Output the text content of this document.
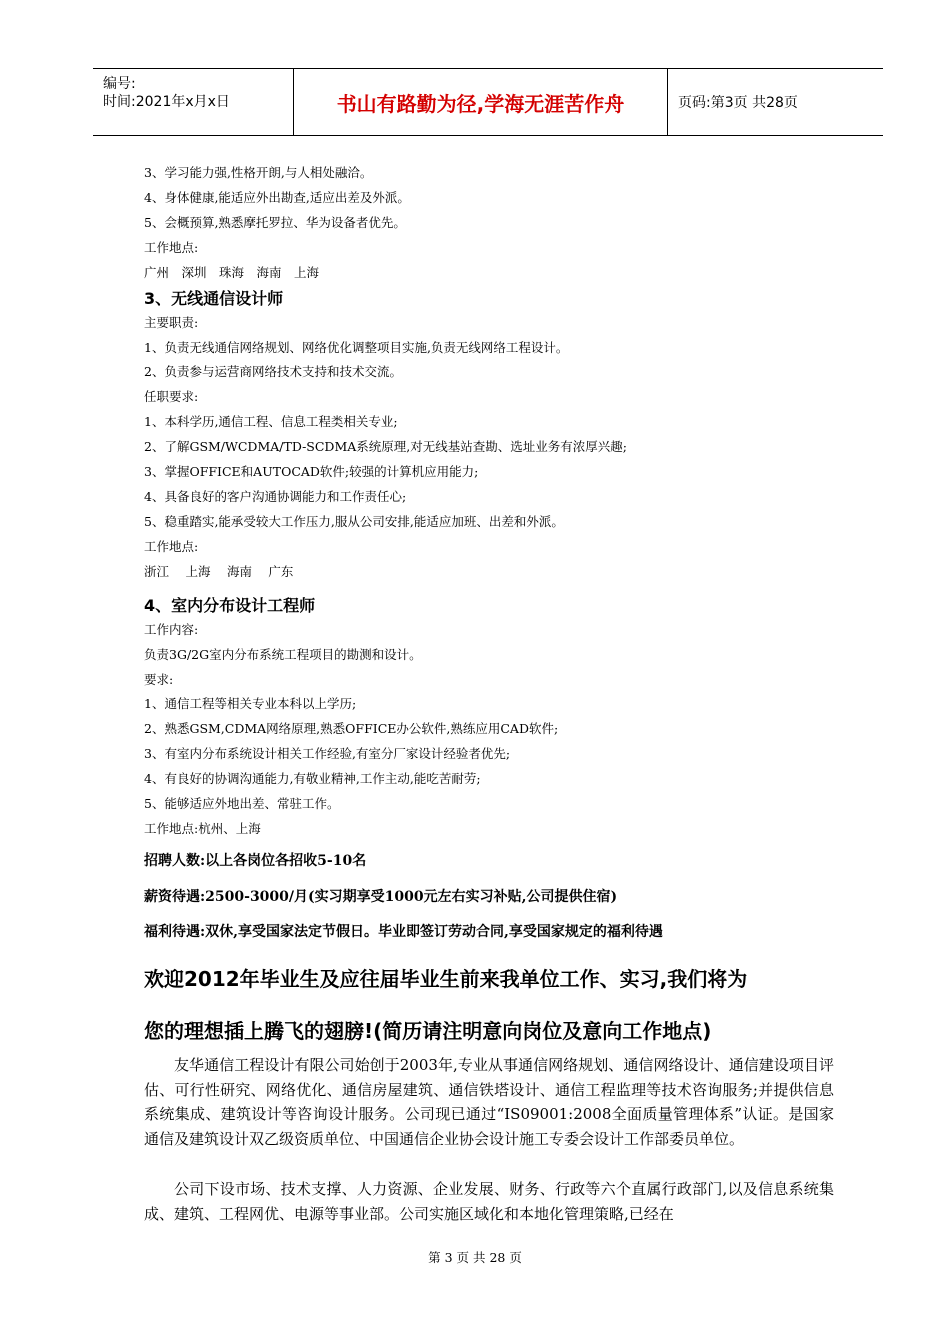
编号:
时间:2021年x月x日	书山有路勤为径,学海无涯苦作舟	页码:第3页 共28页
3、学习能力强,性格开朗,与人相处融洽。
4、身体健康,能适应外出勘查,适应出差及外派。
5、会概预算,熟悉摩托罗拉、华为设备者优先。
工作地点:
广州　深圳　珠海　海南　上海
3、无线通信设计师
主要职责:
1、负责无线通信网络规划、网络优化调整项目实施,负责无线网络工程设计。
2、负责参与运营商网络技术支持和技术交流。
任职要求:
1、本科学历,通信工程、信息工程类相关专业;
2、了解GSM/WCDMA/TD-SCDMA系统原理,对无线基站查勘、选址业务有浓厚兴趣;
3、掌握OFFICE和AUTOCAD软件;较强的计算机应用能力;
4、具备良好的客户沟通协调能力和工作责任心;
5、稳重踏实,能承受较大工作压力,服从公司安排,能适应加班、出差和外派。
工作地点:
浙江　 上海　 海南　 广东
4、室内分布设计工程师
工作内容:
负责3G/2G室内分布系统工程项目的勘测和设计。
要求:
1、通信工程等相关专业本科以上学历;
2、熟悉GSM,CDMA网络原理,熟悉OFFICE办公软件,熟练应用CAD软件;
3、有室内分布系统设计相关工作经验,有室分厂家设计经验者优先;
4、有良好的协调沟通能力,有敬业精神,工作主动,能吃苦耐劳;
5、能够适应外地出差、常驻工作。
工作地点:杭州、上海
招聘人数:以上各岗位各招收5-10名
薪资待遇:2500-3000/月(实习期享受1000元左右实习补贴,公司提供住宿)
福利待遇:双休,享受国家法定节假日。毕业即签订劳动合同,享受国家规定的福利待遇
欢迎2012年毕业生及应往届毕业生前来我单位工作、实习,我们将为
您的理想插上腾飞的翅膀!(简历请注明意向岗位及意向工作地点)
友华通信工程设计有限公司始创于2003年,专业从事通信网络规划、通信网络设计、通信建设项目评估、可行性研究、网络优化、通信房屋建筑、通信铁塔设计、通信工程监理等技术咨询服务;并提供信息系统集成、建筑设计等咨询设计服务。公司现已通过“IS09001:2008全面质量管理体系”认证。是国家通信及建筑设计双乙级资质单位、中国通信企业协会设计施工专委会设计工作部委员单位。
公司下设市场、技术支撑、人力资源、企业发展、财务、行政等六个直属行政部门,以及信息系统集成、建筑、工程网优、电源等事业部。公司实施区域化和本地化管理策略,已经在
第 3 页 共 28 页
